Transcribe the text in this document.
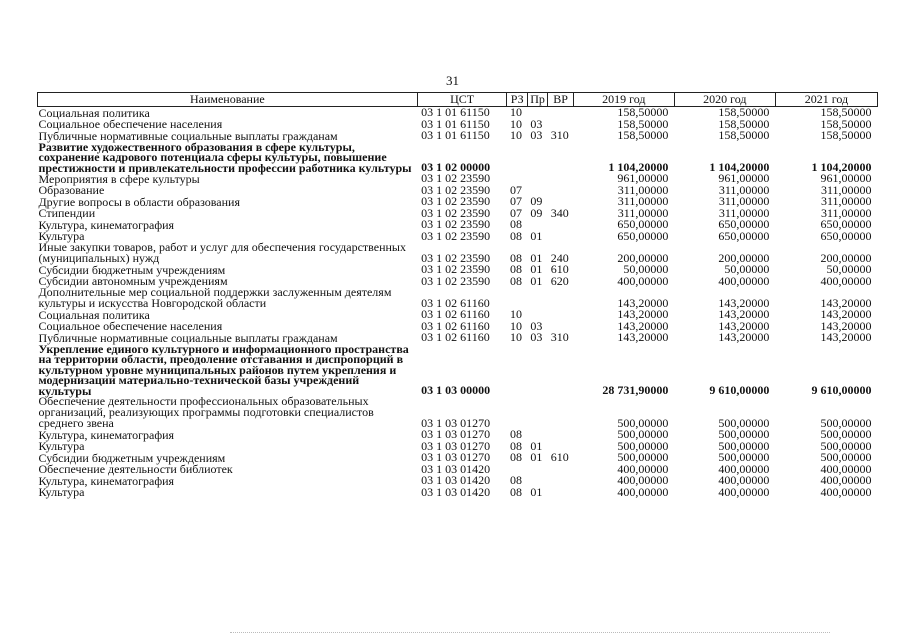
31
Наименование	ЦСТ	РЗ	Пр	ВР	2019 год	2020 год	2021 год
Социальная политика	03 1 01 61150	10			158,50000	158,50000	158,50000
Социальное обеспечение населения	03 1 01 61150	10	03		158,50000	158,50000	158,50000
Публичные нормативные социальные выплаты гражданам	03 1 01 61150	10	03	310	158,50000	158,50000	158,50000
Развитие художественного образования в сфере культуры, сохранение кадрового потенциала сферы культуры, повышение престижности и привлекательности профессии работника культуры	03 1 02 00000				1 104,20000	1 104,20000	1 104,20000
Мероприятия в сфере культуры	03 1 02 23590				961,00000	961,00000	961,00000
Образование	03 1 02 23590	07			311,00000	311,00000	311,00000
Другие вопросы в области образования	03 1 02 23590	07	09		311,00000	311,00000	311,00000
Стипендии	03 1 02 23590	07	09	340	311,00000	311,00000	311,00000
Культура, кинематография	03 1 02 23590	08			650,00000	650,00000	650,00000
Культура	03 1 02 23590	08	01		650,00000	650,00000	650,00000
Иные закупки товаров, работ и услуг для обеспечения государственных (муниципальных) нужд	03 1 02 23590	08	01	240	200,00000	200,00000	200,00000
Субсидии бюджетным учреждениям	03 1 02 23590	08	01	610	50,00000	50,00000	50,00000
Субсидии автономным учреждениям	03 1 02 23590	08	01	620	400,00000	400,00000	400,00000
Дополнительные мер социальной поддержки заслуженным деятелям культуры и искусства Новгородской области	03 1 02 61160				143,20000	143,20000	143,20000
Социальная политика	03 1 02 61160	10			143,20000	143,20000	143,20000
Социальное обеспечение населения	03 1 02 61160	10	03		143,20000	143,20000	143,20000
Публичные нормативные социальные выплаты гражданам	03 1 02 61160	10	03	310	143,20000	143,20000	143,20000
Укрепление единого культурного и информационного пространства на территории области, преодоление отставания и диспропорций в культурном уровне муниципальных районов путем укрепления и модернизации материально-технической базы учреждений культуры	03 1 03 00000				28 731,90000	9 610,00000	9 610,00000
Обеспечение деятельности профессиональных образовательных организаций, реализующих программы подготовки специалистов среднего звена	03 1 03 01270				500,00000	500,00000	500,00000
Культура, кинематография	03 1 03 01270	08			500,00000	500,00000	500,00000
Культура	03 1 03 01270	08	01		500,00000	500,00000	500,00000
Субсидии бюджетным учреждениям	03 1 03 01270	08	01	610	500,00000	500,00000	500,00000
Обеспечение деятельности библиотек	03 1 03 01420				400,00000	400,00000	400,00000
Культура, кинематография	03 1 03 01420	08			400,00000	400,00000	400,00000
Культура	03 1 03 01420	08	01		400,00000	400,00000	400,00000
